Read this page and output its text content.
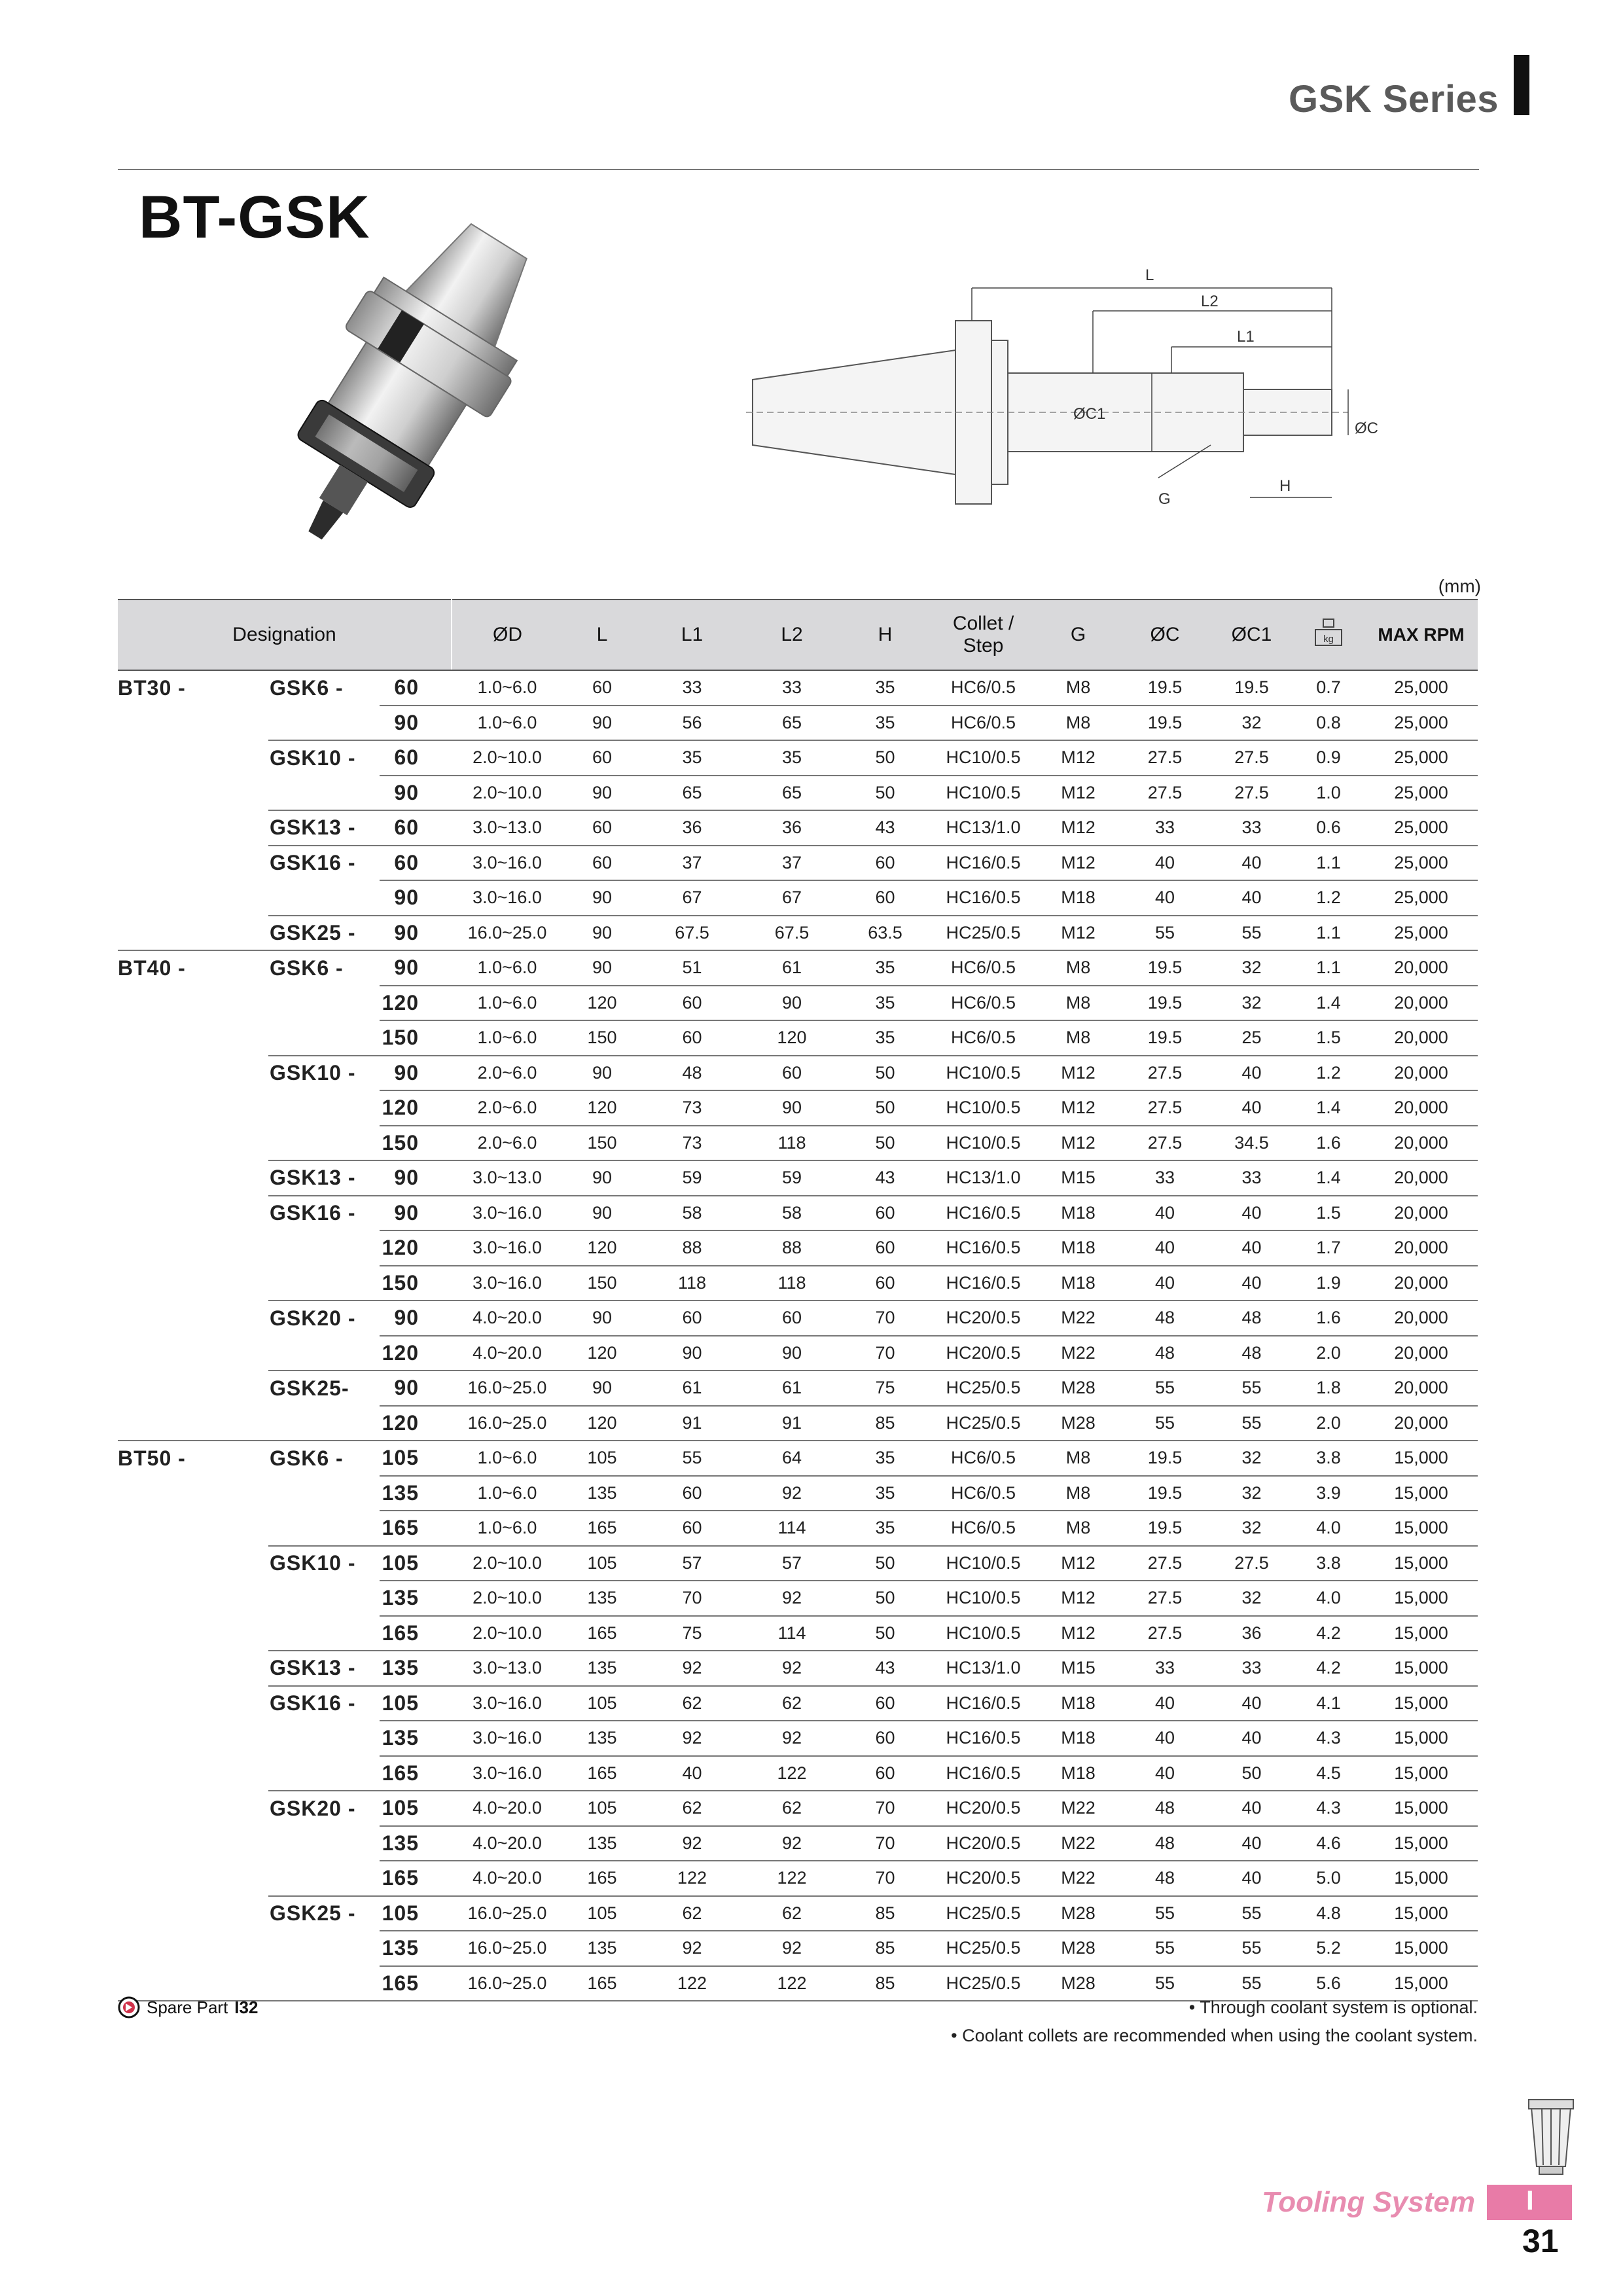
GSK Series
BT-GSK
L
L2
L1
ØC1
ØC
G
H
(mm)
Designation			ØD	L	L1	L2	H	Collet /
Step	G	ØC	ØC1	kg	MAX RPM
BT30 -	GSK6 -	60	1.0~6.0	60	33	33	35	HC6/0.5	M8	19.5	19.5	0.7	25,000
		90	1.0~6.0	90	56	65	35	HC6/0.5	M8	19.5	32	0.8	25,000
	GSK10 -	60	2.0~10.0	60	35	35	50	HC10/0.5	M12	27.5	27.5	0.9	25,000
		90	2.0~10.0	90	65	65	50	HC10/0.5	M12	27.5	27.5	1.0	25,000
	GSK13 -	60	3.0~13.0	60	36	36	43	HC13/1.0	M12	33	33	0.6	25,000
	GSK16 -	60	3.0~16.0	60	37	37	60	HC16/0.5	M12	40	40	1.1	25,000
		90	3.0~16.0	90	67	67	60	HC16/0.5	M18	40	40	1.2	25,000
	GSK25 -	90	16.0~25.0	90	67.5	67.5	63.5	HC25/0.5	M12	55	55	1.1	25,000
BT40 -	GSK6 -	90	1.0~6.0	90	51	61	35	HC6/0.5	M8	19.5	32	1.1	20,000
		120	1.0~6.0	120	60	90	35	HC6/0.5	M8	19.5	32	1.4	20,000
		150	1.0~6.0	150	60	120	35	HC6/0.5	M8	19.5	25	1.5	20,000
	GSK10 -	90	2.0~6.0	90	48	60	50	HC10/0.5	M12	27.5	40	1.2	20,000
		120	2.0~6.0	120	73	90	50	HC10/0.5	M12	27.5	40	1.4	20,000
		150	2.0~6.0	150	73	118	50	HC10/0.5	M12	27.5	34.5	1.6	20,000
	GSK13 -	90	3.0~13.0	90	59	59	43	HC13/1.0	M15	33	33	1.4	20,000
	GSK16 -	90	3.0~16.0	90	58	58	60	HC16/0.5	M18	40	40	1.5	20,000
		120	3.0~16.0	120	88	88	60	HC16/0.5	M18	40	40	1.7	20,000
		150	3.0~16.0	150	118	118	60	HC16/0.5	M18	40	40	1.9	20,000
	GSK20 -	90	4.0~20.0	90	60	60	70	HC20/0.5	M22	48	48	1.6	20,000
		120	4.0~20.0	120	90	90	70	HC20/0.5	M22	48	48	2.0	20,000
	GSK25-	90	16.0~25.0	90	61	61	75	HC25/0.5	M28	55	55	1.8	20,000
		120	16.0~25.0	120	91	91	85	HC25/0.5	M28	55	55	2.0	20,000
BT50 -	GSK6 -	105	1.0~6.0	105	55	64	35	HC6/0.5	M8	19.5	32	3.8	15,000
		135	1.0~6.0	135	60	92	35	HC6/0.5	M8	19.5	32	3.9	15,000
		165	1.0~6.0	165	60	114	35	HC6/0.5	M8	19.5	32	4.0	15,000
	GSK10 -	105	2.0~10.0	105	57	57	50	HC10/0.5	M12	27.5	27.5	3.8	15,000
		135	2.0~10.0	135	70	92	50	HC10/0.5	M12	27.5	32	4.0	15,000
		165	2.0~10.0	165	75	114	50	HC10/0.5	M12	27.5	36	4.2	15,000
	GSK13 -	135	3.0~13.0	135	92	92	43	HC13/1.0	M15	33	33	4.2	15,000
	GSK16 -	105	3.0~16.0	105	62	62	60	HC16/0.5	M18	40	40	4.1	15,000
		135	3.0~16.0	135	92	92	60	HC16/0.5	M18	40	40	4.3	15,000
		165	3.0~16.0	165	40	122	60	HC16/0.5	M18	40	50	4.5	15,000
	GSK20 -	105	4.0~20.0	105	62	62	70	HC20/0.5	M22	48	40	4.3	15,000
		135	4.0~20.0	135	92	92	70	HC20/0.5	M22	48	40	4.6	15,000
		165	4.0~20.0	165	122	122	70	HC20/0.5	M22	48	40	5.0	15,000
	GSK25 -	105	16.0~25.0	105	62	62	85	HC25/0.5	M28	55	55	4.8	15,000
		135	16.0~25.0	135	92	92	85	HC25/0.5	M28	55	55	5.2	15,000
		165	16.0~25.0	165	122	122	85	HC25/0.5	M28	55	55	5.6	15,000
Spare Part I32	• Through coolant system is optional.
• Coolant collets are recommended when using the coolant system.
Tooling System I
31
